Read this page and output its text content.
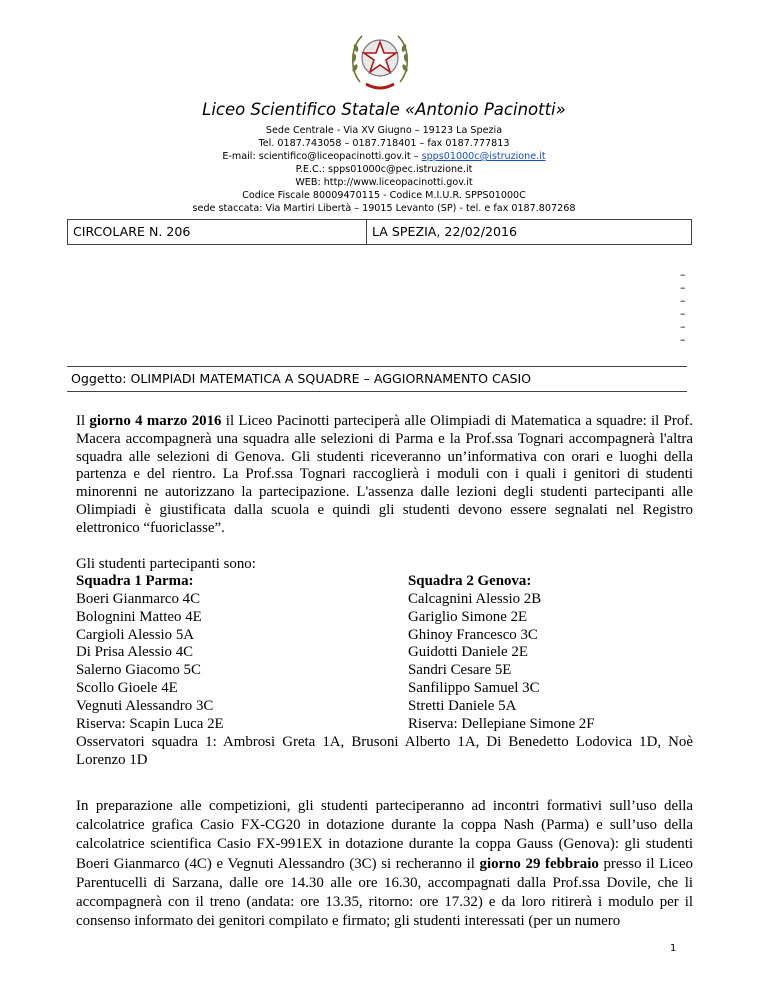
Liceo Scientifico Statale «Antonio Pacinotti»
Sede Centrale - Via XV Giugno – 19123 La Spezia
Tel. 0187.743058 – 0187.718401 – fax 0187.777813
E-mail: scientifico@liceopacinotti.gov.it – spps01000c@istruzione.it
P.E.C.: spps01000c@pec.istruzione.it
WEB: http://www.liceopacinotti.gov.it
Codice Fiscale 80009470115 - Codice M.I.U.R. SPPS01000C
sede staccata: Via Martiri Libertà – 19015 Levanto (SP) - tel. e fax 0187.807268
CIRCOLARE N. 206	LA SPEZIA, 22/02/2016
–
–
–
–
–
–
Oggetto: OLIMPIADI MATEMATICA A SQUADRE – AGGIORNAMENTO CASIO
Il giorno 4 marzo 2016 il Liceo Pacinotti parteciperà alle Olimpiadi di Matematica a squadre: il Prof. Macera accompagnerà una squadra alle selezioni di Parma e la Prof.ssa Tognari accompagnerà l'altra squadra alle selezioni di Genova. Gli studenti riceveranno un’informativa con orari e luoghi della partenza e del rientro. La Prof.ssa Tognari raccoglierà i moduli con i quali i genitori di studenti minorenni ne autorizzano la partecipazione. L'assenza dalle lezioni degli studenti partecipanti alle Olimpiadi è giustificata dalla scuola e quindi gli studenti devono essere segnalati nel Registro elettronico “fuoriclasse”.
Gli studenti partecipanti sono:
Squadra 1 Parma:	Squadra 2 Genova:
Boeri Gianmarco 4C
Bolognini Matteo 4E
Cargioli Alessio 5A
Di Prisa Alessio 4C
Salerno Giacomo 5C
Scollo Gioele 4E
Vegnuti Alessandro 3C
Riserva: Scapin Luca 2E
Calcagnini Alessio 2B
Gariglio Simone 2E
Ghinoy Francesco 3C
Guidotti Daniele 2E
Sandri Cesare 5E
Sanfilippo Samuel 3C
Stretti Daniele 5A
Riserva: Dellepiane Simone 2F
Osservatori squadra 1: Ambrosi Greta 1A, Brusoni Alberto 1A, Di Benedetto Lodovica 1D, Noè Lorenzo 1D
In preparazione alle competizioni, gli studenti parteciperanno ad incontri formativi sull’uso della calcolatrice grafica Casio FX-CG20 in dotazione durante la coppa Nash (Parma) e sull’uso della calcolatrice scientifica Casio FX-991EX in dotazione durante la coppa Gauss (Genova): gli studenti Boeri Gianmarco (4C) e Vegnuti Alessandro (3C) si recheranno il giorno 29 febbraio presso il Liceo Parentucelli di Sarzana, dalle ore 14.30 alle ore 16.30, accompagnati dalla Prof.ssa Dovile, che li accompagnerà con il treno (andata: ore 13.35, ritorno: ore 17.32) e da loro ritirerà i modulo per il consenso informato dei genitori compilato e firmato; gli studenti interessati (per un numero
1
